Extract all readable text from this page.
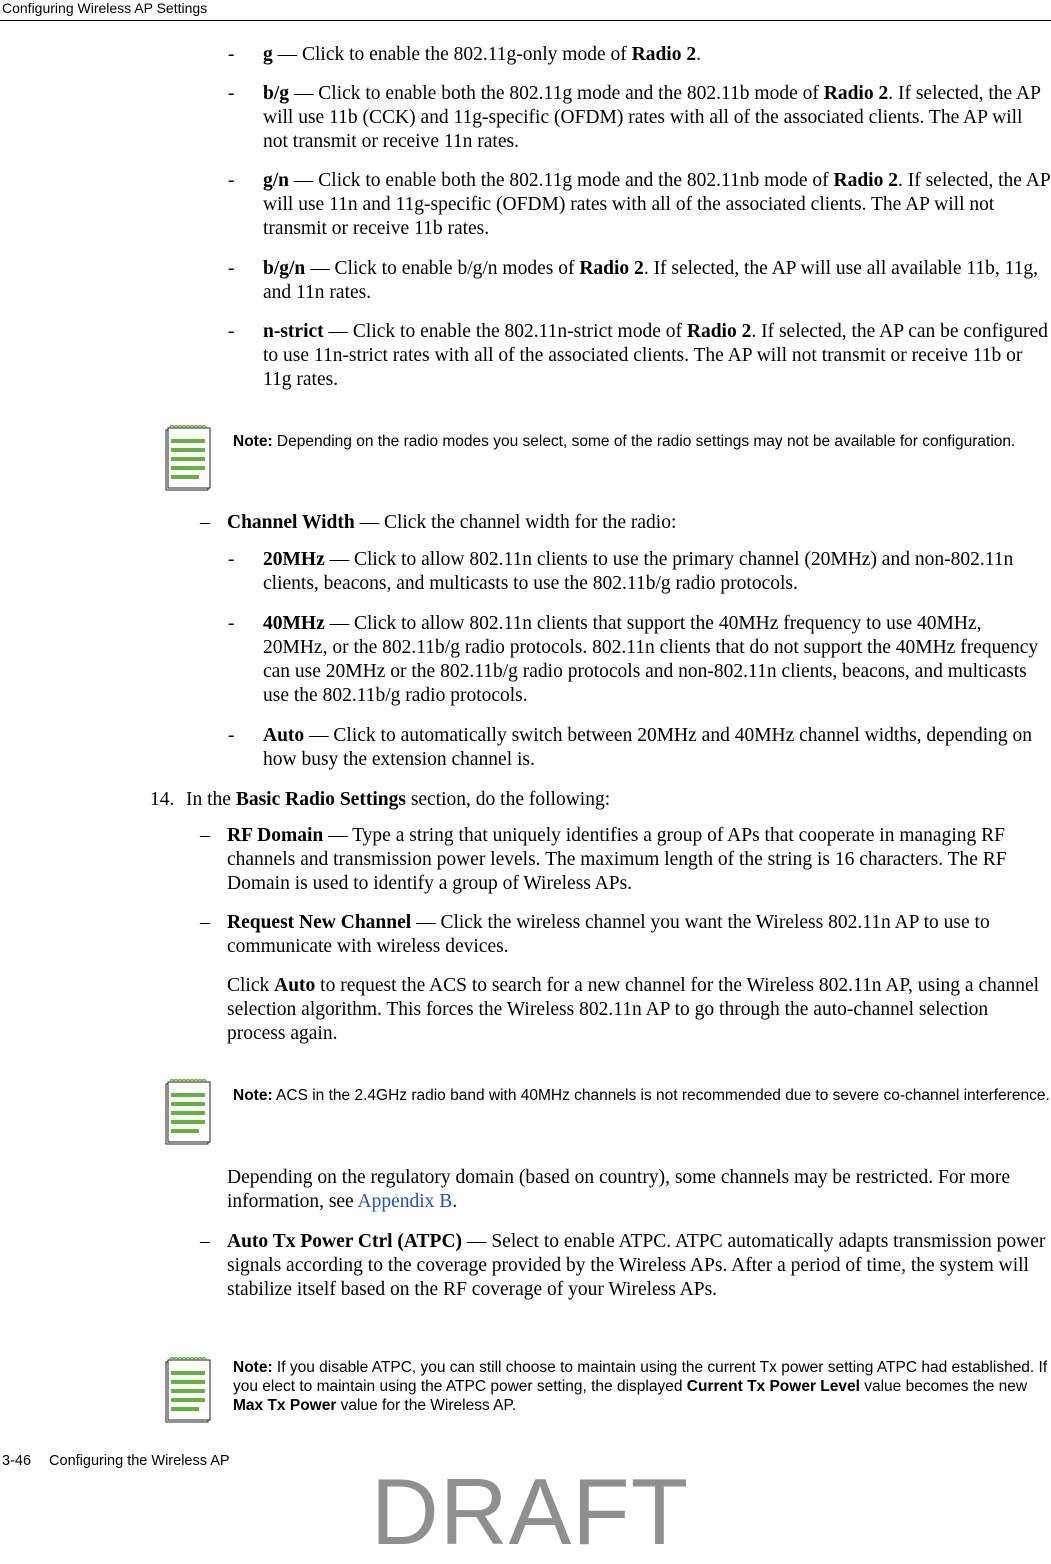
Configuring Wireless AP Settings
- g — Click to enable the 802.11g-only mode of Radio 2.
- b/g — Click to enable both the 802.11g mode and the 802.11b mode of Radio 2. If selected, the AP will use 11b (CCK) and 11g-specific (OFDM) rates with all of the associated clients. The AP will not transmit or receive 11n rates.
- g/n — Click to enable both the 802.11g mode and the 802.11nb mode of Radio 2. If selected, the AP will use 11n and 11g-specific (OFDM) rates with all of the associated clients. The AP will not transmit or receive 11b rates.
- b/g/n — Click to enable b/g/n modes of Radio 2. If selected, the AP will use all available 11b, 11g, and 11n rates.
- n-strict — Click to enable the 802.11n-strict mode of Radio 2. If selected, the AP can be configured to use 11n-strict rates with all of the associated clients. The AP will not transmit or receive 11b or 11g rates.
Note: Depending on the radio modes you select, some of the radio settings may not be available for configuration.
– Channel Width — Click the channel width for the radio:
- 20MHz — Click to allow 802.11n clients to use the primary channel (20MHz) and non-802.11n clients, beacons, and multicasts to use the 802.11b/g radio protocols.
- 40MHz — Click to allow 802.11n clients that support the 40MHz frequency to use 40MHz, 20MHz, or the 802.11b/g radio protocols. 802.11n clients that do not support the 40MHz frequency can use 20MHz or the 802.11b/g radio protocols and non-802.11n clients, beacons, and multicasts use the 802.11b/g radio protocols.
- Auto — Click to automatically switch between 20MHz and 40MHz channel widths, depending on how busy the extension channel is.
14. In the Basic Radio Settings section, do the following:
– RF Domain — Type a string that uniquely identifies a group of APs that cooperate in managing RF channels and transmission power levels. The maximum length of the string is 16 characters. The RF Domain is used to identify a group of Wireless APs.
– Request New Channel — Click the wireless channel you want the Wireless 802.11n AP to use to communicate with wireless devices.
Click Auto to request the ACS to search for a new channel for the Wireless 802.11n AP, using a channel selection algorithm. This forces the Wireless 802.11n AP to go through the auto-channel selection process again.
Note: ACS in the 2.4GHz radio band with 40MHz channels is not recommended due to severe co-channel interference.
Depending on the regulatory domain (based on country), some channels may be restricted. For more information, see Appendix B.
– Auto Tx Power Ctrl (ATPC) — Select to enable ATPC. ATPC automatically adapts transmission power signals according to the coverage provided by the Wireless APs. After a period of time, the system will stabilize itself based on the RF coverage of your Wireless APs.
Note: If you disable ATPC, you can still choose to maintain using the current Tx power setting ATPC had established. If you elect to maintain using the ATPC power setting, the displayed Current Tx Power Level value becomes the new Max Tx Power value for the Wireless AP.
3-46 Configuring the Wireless AP DRAFT
